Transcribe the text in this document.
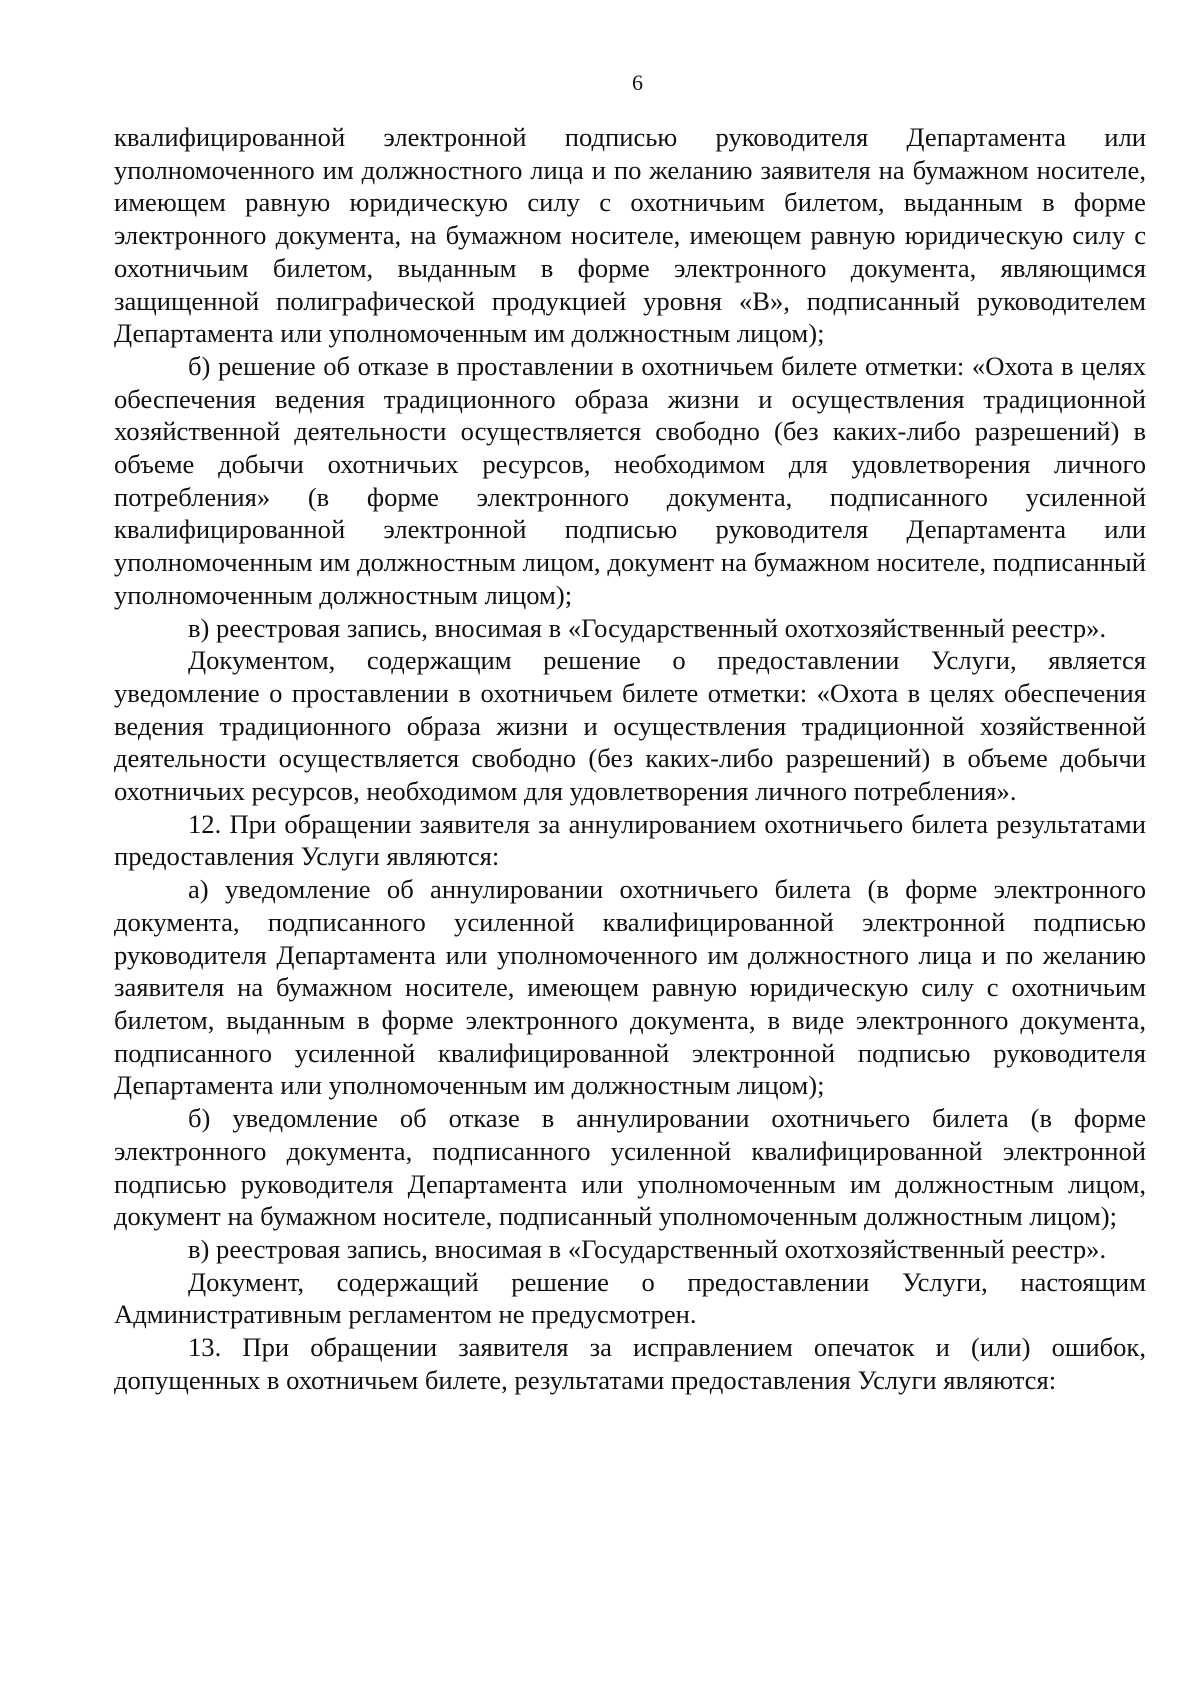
6

квалифицированной электронной подписью руководителя Департамента или уполномоченного им должностного лица и по желанию заявителя на бумажном носителе, имеющем равную юридическую силу с охотничьим билетом, выданным в форме электронного документа, на бумажном носителе, имеющем равную юридическую силу с охотничьим билетом, выданным в форме электронного документа, являющимся защищенной полиграфической продукцией уровня «В», подписанный руководителем Департамента или уполномоченным им должностным лицом);

б) решение об отказе в проставлении в охотничьем билете отметки: «Охота в целях обеспечения ведения традиционного образа жизни и осуществления традиционной хозяйственной деятельности осуществляется свободно (без каких-либо разрешений) в объеме добычи охотничьих ресурсов, необходимом для удовлетворения личного потребления» (в форме электронного документа, подписанного усиленной квалифицированной электронной подписью руководителя Департамента или уполномоченным им должностным лицом, документ на бумажном носителе, подписанный уполномоченным должностным лицом);

в) реестровая запись, вносимая в «Государственный охотхозяйственный реестр».

Документом, содержащим решение о предоставлении Услуги, является уведомление о проставлении в охотничьем билете отметки: «Охота в целях обеспечения ведения традиционного образа жизни и осуществления традиционной хозяйственной деятельности осуществляется свободно (без каких-либо разрешений) в объеме добычи охотничьих ресурсов, необходимом для удовлетворения личного потребления».

12. При обращении заявителя за аннулированием охотничьего билета результатами предоставления Услуги являются:

а) уведомление об аннулировании охотничьего билета (в форме электронного документа, подписанного усиленной квалифицированной электронной подписью руководителя Департамента или уполномоченного им должностного лица и по желанию заявителя на бумажном носителе, имеющем равную юридическую силу с охотничьим билетом, выданным в форме электронного документа, в виде электронного документа, подписанного усиленной квалифицированной электронной подписью руководителя Департамента или уполномоченным им должностным лицом);

б) уведомление об отказе в аннулировании охотничьего билета (в форме электронного документа, подписанного усиленной квалифицированной электронной подписью руководителя Департамента или уполномоченным им должностным лицом, документ на бумажном носителе, подписанный уполномоченным должностным лицом);

в) реестровая запись, вносимая в «Государственный охотхозяйственный реестр».

Документ, содержащий решение о предоставлении Услуги, настоящим Административным регламентом не предусмотрен.

13. При обращении заявителя за исправлением опечаток и (или) ошибок, допущенных в охотничьем билете, результатами предоставления Услуги являются:
